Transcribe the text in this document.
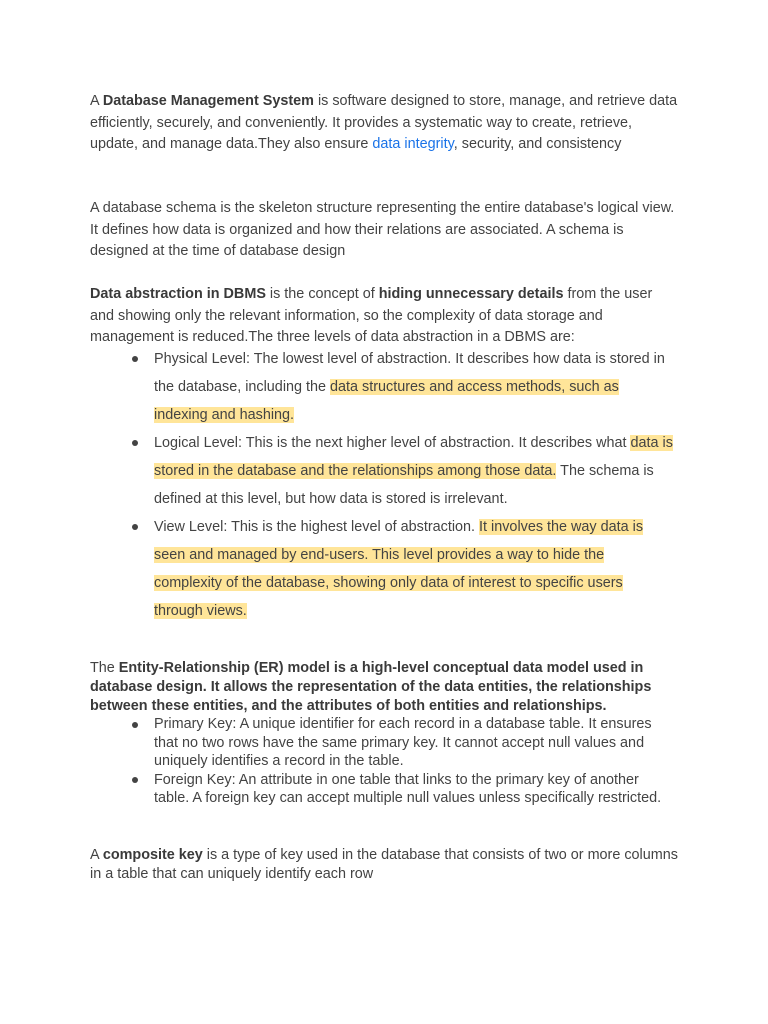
A Database Management System is software designed to store, manage, and retrieve data efficiently, securely, and conveniently. It provides a systematic way to create, retrieve, update, and manage data.They also ensure data integrity, security, and consistency

A database schema is the skeleton structure representing the entire database's logical view. It defines how data is organized and how their relations are associated. A schema is designed at the time of database design

Data abstraction in DBMS is the concept of hiding unnecessary details from the user and showing only the relevant information, so the complexity of data storage and management is reduced.The three levels of data abstraction in a DBMS are:

Physical Level: The lowest level of abstraction. It describes how data is stored in the database, including the data structures and access methods, such as indexing and hashing.
Logical Level: This is the next higher level of abstraction. It describes what data is stored in the database and the relationships among those data. The schema is defined at this level, but how data is stored is irrelevant.
View Level: This is the highest level of abstraction. It involves the way data is seen and managed by end-users. This level provides a way to hide the complexity of the database, showing only data of interest to specific users through views.

The Entity-Relationship (ER) model is a high-level conceptual data model used in database design. It allows the representation of the data entities, the relationships between these entities, and the attributes of both entities and relationships.

Primary Key: A unique identifier for each record in a database table. It ensures that no two rows have the same primary key. It cannot accept null values and uniquely identifies a record in the table.
Foreign Key: An attribute in one table that links to the primary key of another table. A foreign key can accept multiple null values unless specifically restricted.

A composite key is a type of key used in the database that consists of two or more columns in a table that can uniquely identify each row
